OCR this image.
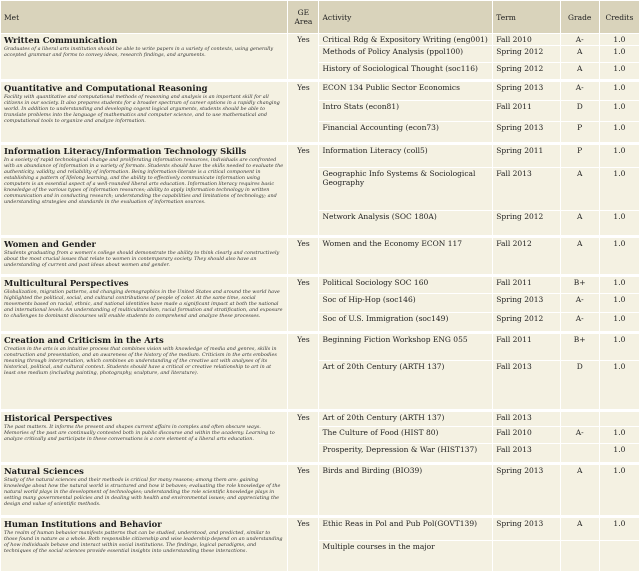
Met	GE Area	Activity	Term	Grade	Credits

Written Communication
Graduates of a liberal arts institution should be able to write papers in a variety of contexts, using generally accepted grammar and forms to convey ideas, research findings, and arguments.	Yes	Critical Rdg & Expository Writing (eng001)	Fall 2010	A-	1.0
		Methods of Policy Analysis (ppol100)	Spring 2012	A	1.0
		History of Sociological Thought (soc116)	Spring 2012	A	1.0

Quantitative and Computational Reasoning
Facility with quantitative and computational methods of reasoning and analysis is an important skill for all citizens in our society. It also prepares students for a broader spectrum of career options in a rapidly changing world. In addition to understanding and developing cogent logical arguments, students should be able to translate problems into the language of mathematics and computer science, and to use mathematical and computational tools to organize and analyze information.	Yes	ECON 134 Public Sector Economics	Spring 2013	A-	1.0
		Intro Stats (econ81)	Fall 2011	D	1.0
		Financial Accounting (econ73)	Spring 2013	P	1.0

Information Literacy/Information Technology Skills
In a society of rapid technological change and proliferating information resources, individuals are confronted with an abundance of information in a variety of formats. Students should have the skills needed to evaluate the authenticity, validity, and reliability of information. Being information-literate is a critical component in establishing a pattern of lifelong learning, and the ability to effectively communicate information using computers is an essential aspect of a well-rounded liberal arts education. Information literacy requires basic knowledge of the various types of information resources; ability to apply information technology in written communication and in conducting research; understanding the capabilities and limitations of technology; and understanding strategies and standards in the evaluation of information sources.	Yes	Information Literacy (coll5)	Spring 2011	P	1.0
		Geographic Info Systems & Sociological Geography	Fall 2013	A	1.0
		Network Analysis (SOC 180A)	Spring 2012	A	1.0

Women and Gender
Students graduating from a women's college should demonstrate the ability to think clearly and constructively about the most crucial issues that relate to women in contemporary society. They should also have an understanding of current and past ideas about women and gender.	Yes	Women and the Economy ECON 117	Fall 2012	A	1.0

Multicultural Perspectives
Globalization, migration patterns, and changing demographics in the United States and around the world have highlighted the political, social, and cultural contributions of people of color. At the same time, social movements based on racial, ethnic, and national identities have made a significant impact at both the national and international levels. An understanding of multiculturalism, racial formation and stratification, and exposure to challenges to dominant discourses will enable students to comprehend and analyze these processes.	Yes	Political Sociology SOC 160	Fall 2011	B+	1.0
		Soc of Hip-Hop (soc146)	Spring 2013	A-	1.0
		Soc of U.S. Immigration (soc149)	Spring 2012	A-	1.0

Creation and Criticism in the Arts
Creation in the arts is an intuitive process that combines vision with knowledge of media and genres, skills in construction and presentation, and an awareness of the history of the medium. Criticism in the arts embodies meaning through interpretation, which combines an understanding of the creative act with analyses of its historical, political, and cultural context. Students should have a critical or creative relationship to art in at least one medium (including painting, photography, sculpture, and literature).	Yes	Beginning Fiction Workshop ENG 055	Fall 2011	B+	1.0
		Art of 20th Century (ARTH 137)	Fall 2013	D	1.0

Historical Perspectives
The past matters. It informs the present and shapes current affairs in complex and often obscure ways. Memories of the past are continually contested both in public discourse and within the academy. Learning to analyze critically and participate in these conversations is a core element of a liberal arts education.	Yes	Art of 20th Century (ARTH 137)	Fall 2013		
		The Culture of Food (HIST 80)	Fall 2010	A-	1.0
		Prosperity, Depression & War (HIST137)	Fall 2013		1.0

Natural Sciences
Study of the natural sciences and their methods is critical for many reasons; among them are: gaining knowledge about how the natural world is structured and how it behaves; evaluating the role knowledge of the natural world plays in the development of technologies; understanding the role scientific knowledge plays in setting many governmental policies and in dealing with health and environmental issues; and appreciating the design and value of scientific methods.	Yes	Birds and Birding (BIO39)	Spring 2013	A	1.0

Human Institutions and Behavior
The realm of human behavior manifests patterns that can be studied, understood, and predicted, similar to those found in nature as a whole. Both responsible citizenship and wise leadership depend on an understanding of how individuals behave and interact within social institutions. The findings, logical paradigms, and techniques of the social sciences provide essential insights into understanding these interactions.	Yes	Ethic Reas in Pol and Pub Pol(GOVT139)	Spring 2013	A	1.0
		Multiple courses in the major			
